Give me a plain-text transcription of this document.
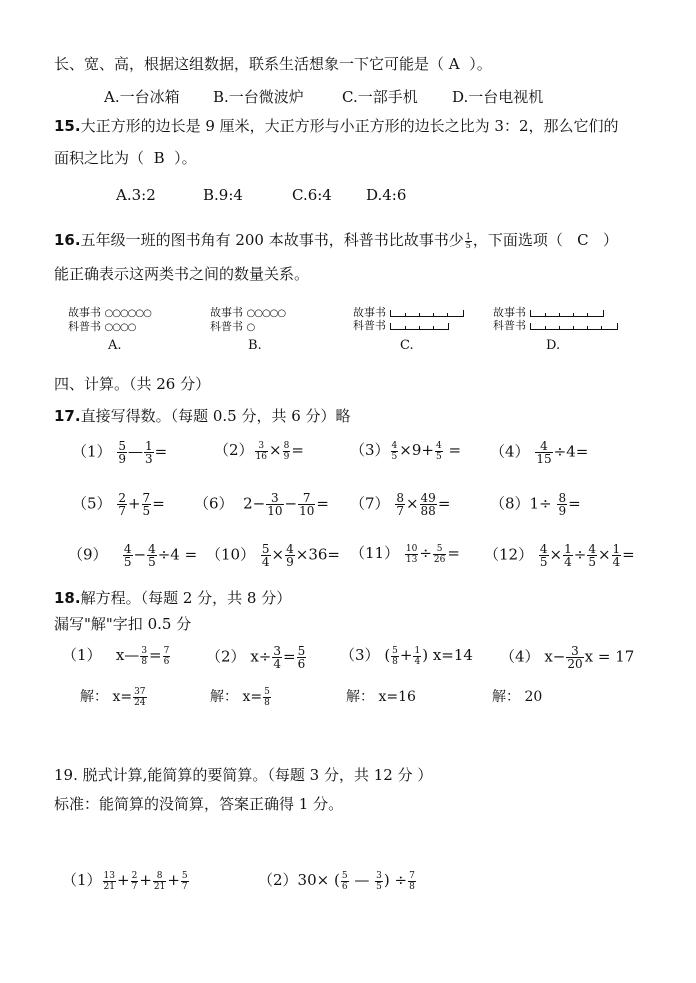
长、宽、高，根据这组数据，联系生活想象一下它可能是（ A ）。
A.一台冰箱 B.一台微波炉	C.一部手机 D.一台电视机
15.大正方形的边长是 9 厘米，大正方形与小正方形的边长之比为 3：2，那么它们的
面积之比为（ B ）。
A.3:2	B.9:4	C.6:4 D.4:6
16.五年级一班的图书角有 200 本故事书，科普书比故事书少 $\frac{1}{5}$ ，下面选项（ C ）
能正确表示这两类书之间的数量关系。
故事书 ○○○○○○
科普书 ○○○○
A.
故事书 ○○○○○
科普书 ○
B.
故事书
科普书
C.
故事书
科普书
D.
四、计算。（共 26 分）
17.直接写得数。（每题 0.5 分，共 6 分）略
$(1) \frac{5}{9}$ — $\frac{1}{3}$ =	$(2) \frac{3}{16} \times \frac{8}{9}$ =	$(3) \frac{4}{5} \times 9+ \frac{4}{5} = (4) \frac{4}{15} \div 4=$
$(5) \frac{2}{7} + \frac{7}{5} = (6)$ $2- \frac{3}{10} - \frac{7}{10} = (7) \frac{8}{7} \times \frac{49}{88}$ =	$(8)1\div \frac{8}{9}$ =
$(9) \frac{4}{5} - \frac{4}{5} \div 4 = (10) \frac{5}{4} \times \frac{4}{9} \times 36= (11) \frac{10}{13} \div \frac{5}{26} = (12) \frac{4}{5} \times \frac{1}{4} \div \frac{4}{5} \times \frac{1}{4}$ =
18.解方程。（每题 2 分，共 8 分）
漏写"解"字扣 0.5 分
（1）   x— $\frac{3}{8} = \frac{7}{6} (2)$ $x\div \frac{3}{4} = \frac{5}{6} (3)$ ( $\frac{5}{8} + \frac{1}{4}$ ) x=14 （4） $x- \frac{3}{20}$ x = 17
解： $x= \frac{37}{24}$	解： $x= \frac{5}{8}$	解： x=16	解： 20
19. 脱式计算,能简算的要简算。（每题 3 分，共 12 分 ）
标准：能简算的没简算，答案正确得 1 分。
$(1) \frac{13}{21} + \frac{2}{7} + \frac{8}{21} + \frac{5}{7}$	（2）30× ( $\frac{5}{6}$ — $\frac{3}{5}$ ) ÷ $\frac{7}{8}$
